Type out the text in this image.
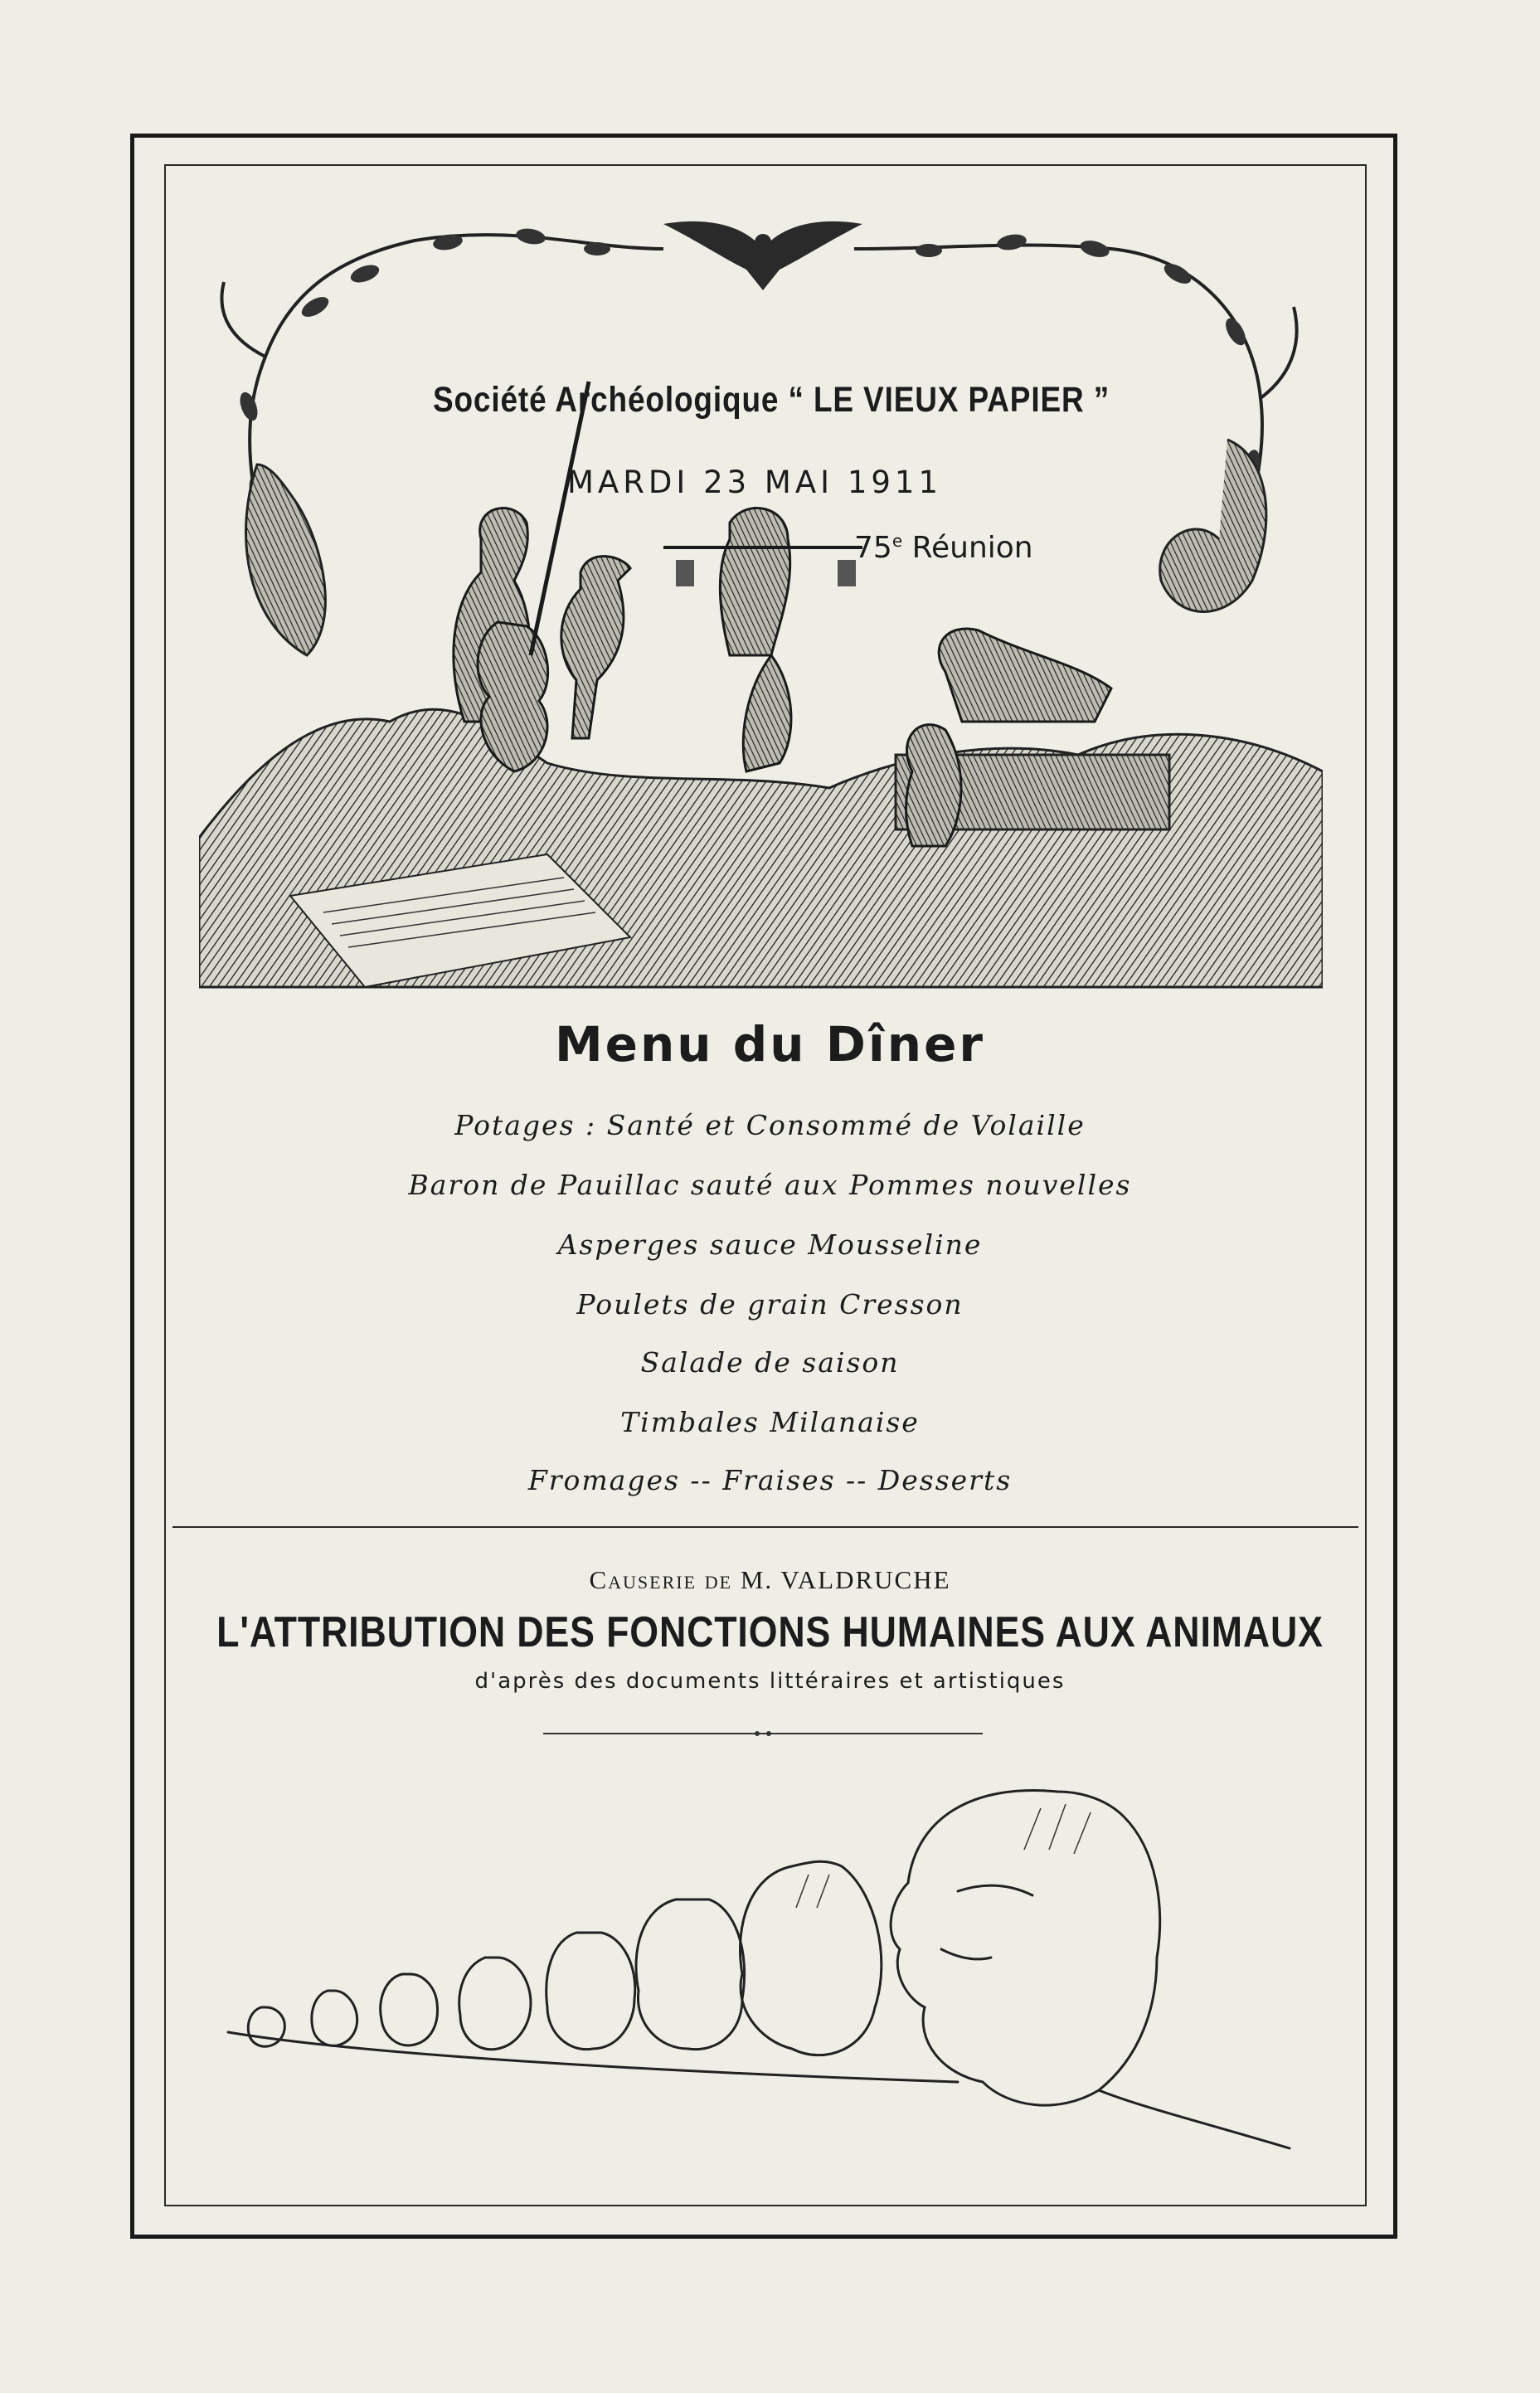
Société Archéologique “ LE VIEUX PAPIER ”
MARDI 23 MAI 1911
75e Réunion
Menu du Dîner
Potages : Santé et Consommé de Volaille
Baron de Pauillac sauté aux Pommes nouvelles
Asperges sauce Mousseline
Poulets de grain Cresson
Salade de saison
Timbales Milanaise
Fromages -- Fraises -- Desserts
Causerie de M. VALDRUCHE
L'ATTRIBUTION DES FONCTIONS HUMAINES AUX ANIMAUX
d'après des documents littéraires et artistiques
